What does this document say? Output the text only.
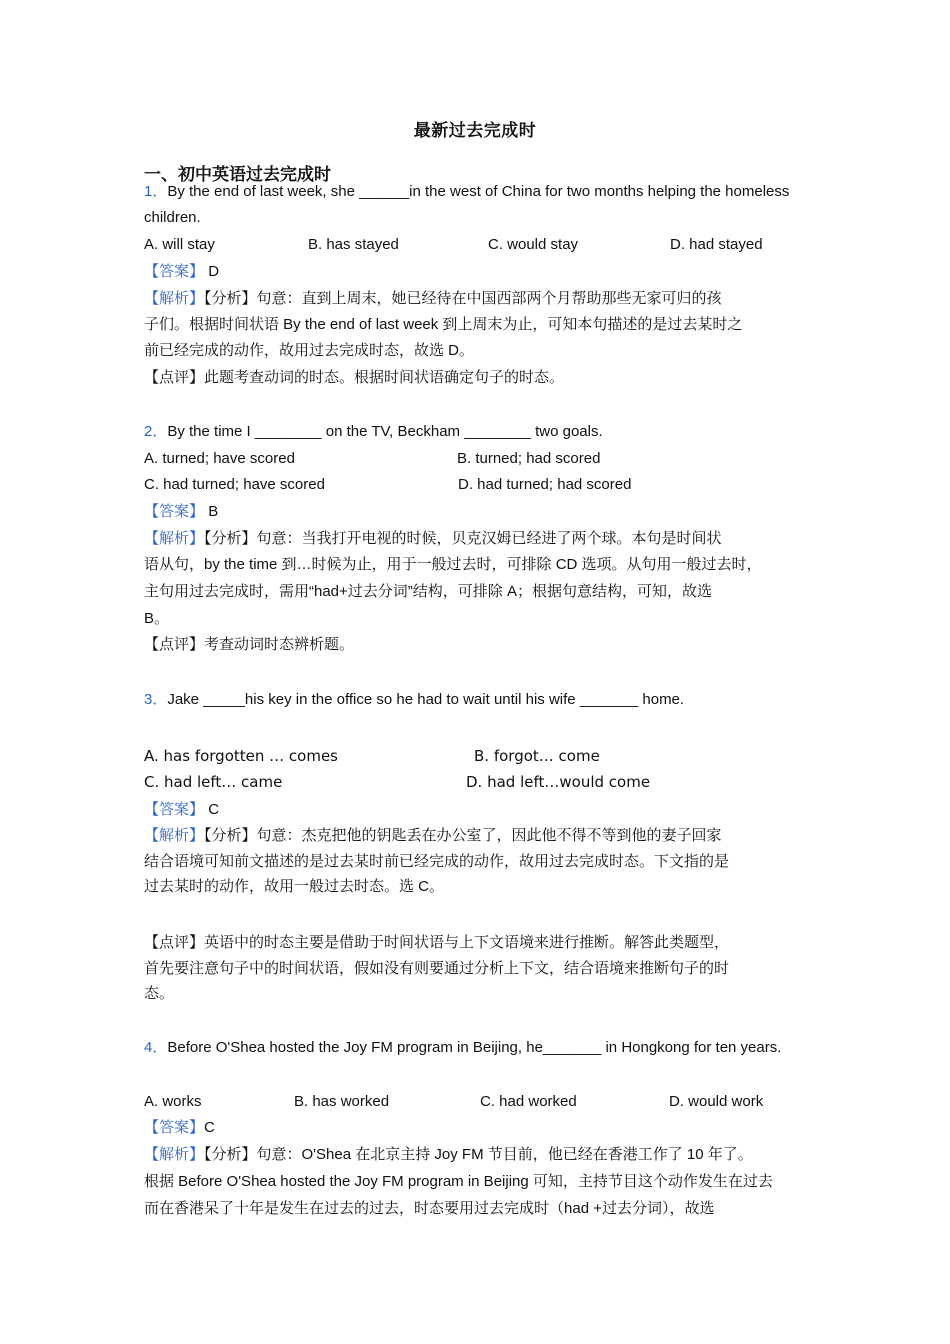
最新过去完成时
一、初中英语过去完成时
1．By the end of last week, she ______in the west of China for two months helping the homeless
children.
A. will stay	B. has stayed	C. would stay	D. had stayed
【答案】 D
【解析】【分析】句意：直到上周末，她已经待在中国西部两个月帮助那些无家可归的孩
子们。根据时间状语 By the end of last week 到上周末为止，可知本句描述的是过去某时之
前已经完成的动作，故用过去完成时态，故选 D。
【点评】此题考查动词的时态。根据时间状语确定句子的时态。
2．By the time I ________ on the TV, Beckham ________ two goals.
A. turned; have scored	B. turned; had scored
C. had turned; have scored	D. had turned; had scored
【答案】 B
【解析】【分析】句意：当我打开电视的时候，贝克汉姆已经进了两个球。本句是时间状
语从句，by the time 到…时候为止，用于一般过去时，可排除 CD 选项。从句用一般过去时，
主句用过去完成时，需用“had+过去分词”结构，可排除 A；根据句意结构，可知，故选
B。
【点评】考查动词时态辨析题。
3．Jake _____his key in the office so he had to wait until his wife _______ home.
A. has forgotten … comes	B. forgot… come
C. had left… came	D. had left…would come
【答案】 C
【解析】【分析】句意：杰克把他的钥匙丢在办公室了，因此他不得不等到他的妻子回家
结合语境可知前文描述的是过去某时前已经完成的动作，故用过去完成时态。下文指的是
过去某时的动作，故用一般过去时态。选 C。
【点评】英语中的时态主要是借助于时间状语与上下文语境来进行推断。解答此类题型，
首先要注意句子中的时间状语，假如没有则要通过分析上下文，结合语境来推断句子的时
态。
4．Before O'Shea hosted the Joy FM program in Beijing, he_______ in Hongkong for ten years.
A. works	B. has worked	C. had worked	D. would work
【答案】C
【解析】【分析】句意：O'Shea 在北京主持 Joy FM 节目前，他已经在香港工作了 10 年了。
根据 Before O'Shea hosted the Joy FM program in Beijing 可知，主持节目这个动作发生在过去
而在香港呆了十年是发生在过去的过去，时态要用过去完成时（had +过去分词），故选
